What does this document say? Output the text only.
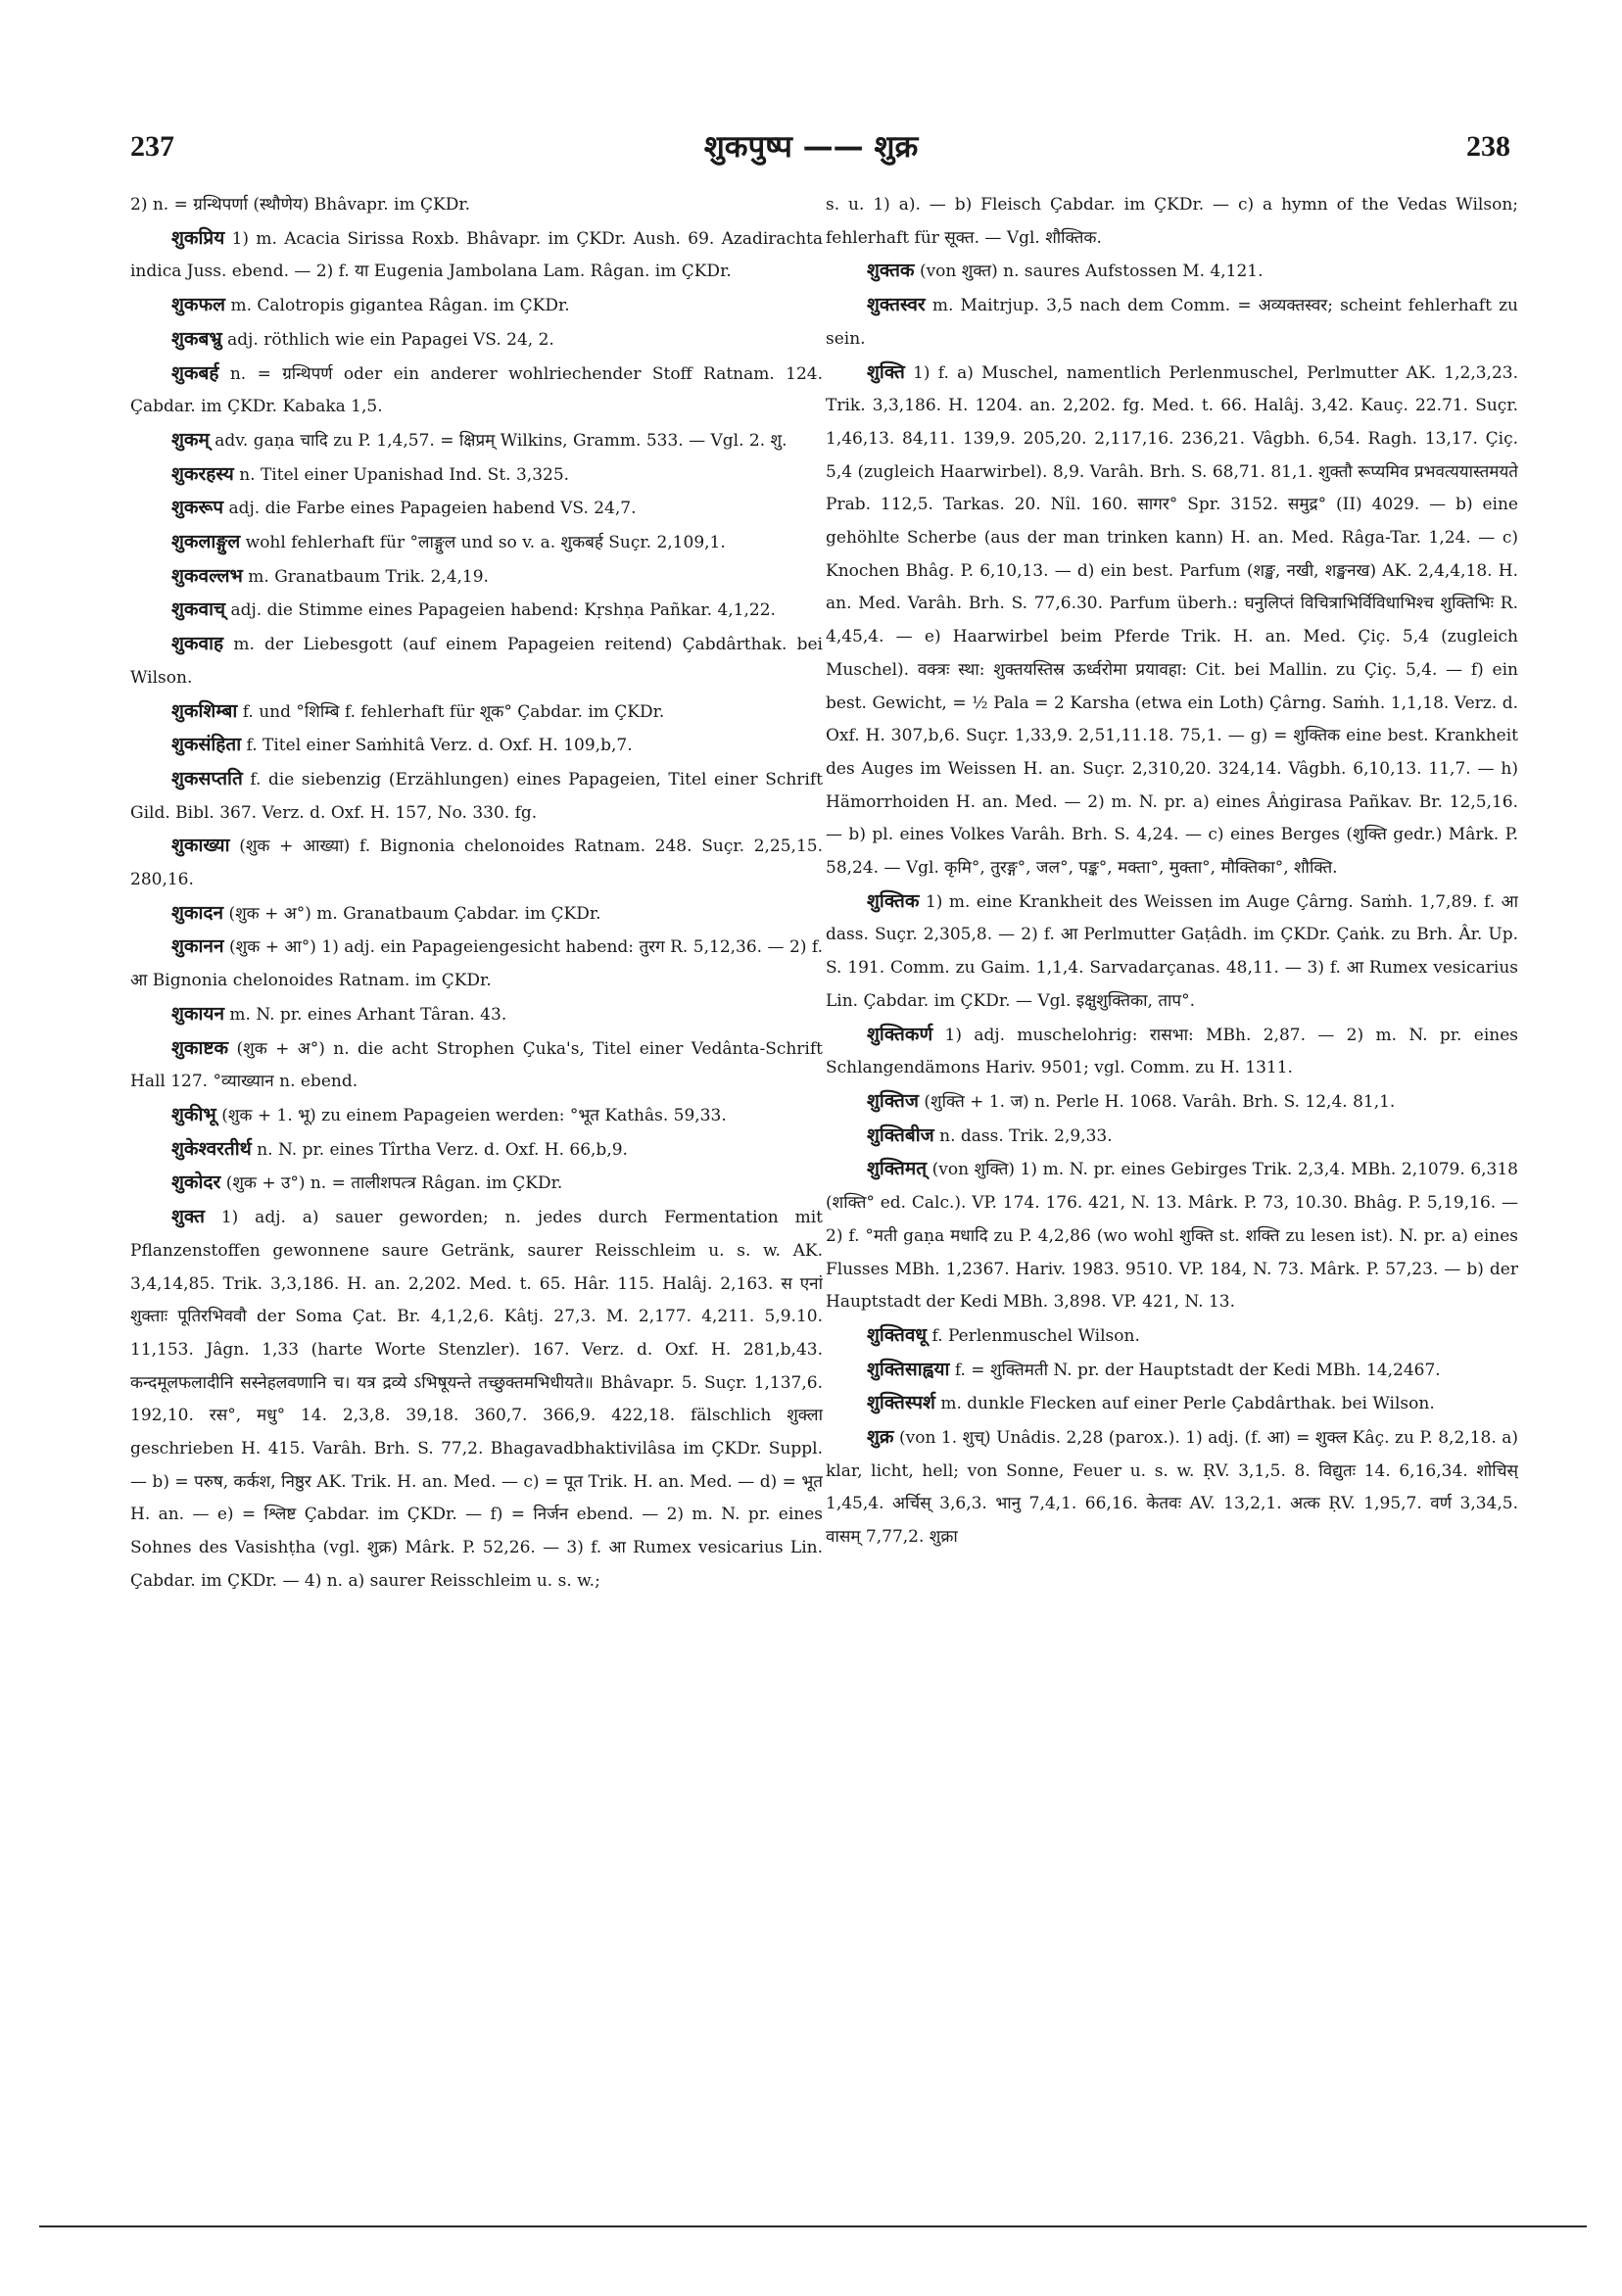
237	शुकपुष्प —— शुक्र	238

2) n. = ग्रन्थिपर्णा (स्थौणेय) Bhâvapr. im ÇKDr.

शुकप्रिय 1) m. Acacia Sirissa Roxb. Bhâvapr. im ÇKDr. Aush. 69. Azadirachta indica Juss. ebend. — 2) f. या Eugenia Jambolana Lam. Râgan. im ÇKDr.

शुकफल m. Calotropis gigantea Râgan. im ÇKDr.

शुकबभ्रु adj. röthlich wie ein Papagei VS. 24, 2.

शुकबर्ह n. = ग्रन्थिपर्ण oder ein anderer wohlriechender Stoff Ratnam. 124. Çabdar. im ÇKDr. Kabaka 1,5.

शुकम् adv. gaṇa चादि zu P. 1,4,57. = क्षिप्रम् Wilkins, Gramm. 533. — Vgl. 2. शु.

शुकरहस्य n. Titel einer Upanishad Ind. St. 3,325.

शुकरूप adj. die Farbe eines Papageien habend VS. 24,7.

शुकलाङ्गुल wohl fehlerhaft für °लाङ्गुल und so v. a. शुकबर्ह Suçr. 2,109,1.

शुकवल्लभ m. Granatbaum Trik. 2,4,19.

शुकवाच् adj. die Stimme eines Papageien habend: Kṛshṇa Pañkar. 4,1,22.

शुकवाह m. der Liebesgott (auf einem Papageien reitend) Çabdârthak. bei Wilson.

शुकशिम्बा f. und °शिम्बि f. fehlerhaft für शूक° Çabdar. im ÇKDr.

शुकसंहिता f. Titel einer Saṁhitâ Verz. d. Oxf. H. 109,b,7.

शुकसप्तति f. die siebenzig (Erzählungen) eines Papageien, Titel einer Schrift Gild. Bibl. 367. Verz. d. Oxf. H. 157, No. 330. fg.

शुकाख्या (शुक + आख्या) f. Bignonia chelonoides Ratnam. 248. Suçr. 2,25,15. 280,16.

शुकादन (शुक + अ°) m. Granatbaum Çabdar. im ÇKDr.

शुकानन (शुक + आ°) 1) adj. ein Papageiengesicht habend: तुरग R. 5,12,36. — 2) f. आ Bignonia chelonoides Ratnam. im ÇKDr.

शुकायन m. N. pr. eines Arhant Târan. 43.

शुकाष्टक (शुक + अ°) n. die acht Strophen Çuka's, Titel einer Vedânta-Schrift Hall 127. °व्याख्यान n. ebend.

शुकीभू (शुक + 1. भू) zu einem Papageien werden: °भूत Kathâs. 59,33.

शुकेश्वरतीर्थ n. N. pr. eines Tîrtha Verz. d. Oxf. H. 66,b,9.

शुकोदर (शुक + उ°) n. = तालीशपत्त्र Râgan. im ÇKDr.

शुक्त 1) adj. a) sauer geworden; n. jedes durch Fermentation mit Pflanzenstoffen gewonnene saure Getränk, saurer Reisschleim u. s. w. AK. 3,4,14,85. Trik. 3,3,186. H. an. 2,202. Med. t. 65. Hâr. 115. Halâj. 2,163. स एनां शुक्ताः पूतिरभिववौ der Soma Çat. Br. 4,1,2,6. Kâtj. 27,3. M. 2,177. 4,211. 5,9.10. 11,153. Jâgn. 1,33 (harte Worte Stenzler). 167. Verz. d. Oxf. H. 281,b,43. कन्दमूलफलादीनि सस्नेहलवणानि च। यत्र द्रव्ये ऽभिषूयन्ते तच्छुक्तमभिधीयते॥ Bhâvapr. 5. Suçr. 1,137,6. 192,10. रस°, मधु° 14. 2,3,8. 39,18. 360,7. 366,9. 422,18. fälschlich शुक्ला geschrieben H. 415. Varâh. Brh. S. 77,2. Bhagavadbhaktivilâsa im ÇKDr. Suppl. — b) = परुष, कर्कश, निष्ठुर AK. Trik. H. an. Med. — c) = पूत Trik. H. an. Med. — d) = भूत H. an. — e) = श्लिष्ट Çabdar. im ÇKDr. — f) = निर्जन ebend. — 2) m. N. pr. eines Sohnes des Vasishṭha (vgl. शुक्र) Mârk. P. 52,26. — 3) f. आ Rumex vesicarius Lin. Çabdar. im ÇKDr. — 4) n. a) saurer Reisschleim u. s. w.;

s. u. 1) a). — b) Fleisch Çabdar. im ÇKDr. — c) a hymn of the Vedas Wilson; fehlerhaft für सूक्त. — Vgl. शौक्तिक.

शुक्तक (von शुक्त) n. saures Aufstossen M. 4,121.

शुक्तस्वर m. Maitrjup. 3,5 nach dem Comm. = अव्यक्तस्वर; scheint fehlerhaft zu sein.

शुक्ति 1) f. a) Muschel, namentlich Perlenmuschel, Perlmutter AK. 1,2,3,23. Trik. 3,3,186. H. 1204. an. 2,202. fg. Med. t. 66. Halâj. 3,42. Kauç. 22.71. Suçr. 1,46,13. 84,11. 139,9. 205,20. 2,117,16. 236,21. Vâgbh. 6,54. Ragh. 13,17. Çiç. 5,4 (zugleich Haarwirbel). 8,9. Varâh. Brh. S. 68,71. 81,1. शुक्तौ रूप्यमिव प्रभवत्ययास्तमयते Prab. 112,5. Tarkas. 20. Nîl. 160. सागर° Spr. 3152. समुद्र° (II) 4029. — b) eine gehöhlte Scherbe (aus der man trinken kann) H. an. Med. Râga-Tar. 1,24. — c) Knochen Bhâg. P. 6,10,13. — d) ein best. Parfum (शङ्ख, नखी, शङ्खनख) AK. 2,4,4,18. H. an. Med. Varâh. Brh. S. 77,6.30. Parfum überh.: घनुलिप्तं विचित्राभिर्विविधाभिश्च शुक्तिभिः R. 4,45,4. — e) Haarwirbel beim Pferde Trik. H. an. Med. Çiç. 5,4 (zugleich Muschel). वक्त्रः स्था: शुक्तयस्तिस्र ऊर्ध्वरोमा प्रयावहा: Cit. bei Mallin. zu Çiç. 5,4. — f) ein best. Gewicht, = ½ Pala = 2 Karsha (etwa ein Loth) Çârng. Saṁh. 1,1,18. Verz. d. Oxf. H. 307,b,6. Suçr. 1,33,9. 2,51,11.18. 75,1. — g) = शुक्तिक eine best. Krankheit des Auges im Weissen H. an. Suçr. 2,310,20. 324,14. Vâgbh. 6,10,13. 11,7. — h) Hämorrhoiden H. an. Med. — 2) m. N. pr. a) eines Âṅgirasa Pañkav. Br. 12,5,16. — b) pl. eines Volkes Varâh. Brh. S. 4,24. — c) eines Berges (शुक्ति gedr.) Mârk. P. 58,24. — Vgl. कृमि°, तुरङ्ग°, जल°, पङ्क°, मक्ता°, मुक्ता°, मौक्तिका°, शौक्ति.

शुक्तिक 1) m. eine Krankheit des Weissen im Auge Çârng. Saṁh. 1,7,89. f. आ dass. Suçr. 2,305,8. — 2) f. आ Perlmutter Gaṭâdh. im ÇKDr. Çaṅk. zu Brh. Âr. Up. S. 191. Comm. zu Gaim. 1,1,4. Sarvadarçanas. 48,11. — 3) f. आ Rumex vesicarius Lin. Çabdar. im ÇKDr. — Vgl. इक्षुशुक्तिका, ताप°.

शुक्तिकर्ण 1) adj. muschelohrig: रासभा: MBh. 2,87. — 2) m. N. pr. eines Schlangendämons Hariv. 9501; vgl. Comm. zu H. 1311.

शुक्तिज (शुक्ति + 1. ज) n. Perle H. 1068. Varâh. Brh. S. 12,4. 81,1.

शुक्तिबीज n. dass. Trik. 2,9,33.

शुक्तिमत् (von शुक्ति) 1) m. N. pr. eines Gebirges Trik. 2,3,4. MBh. 2,1079. 6,318 (शक्ति° ed. Calc.). VP. 174. 176. 421, N. 13. Mârk. P. 73, 10.30. Bhâg. P. 5,19,16. — 2) f. °मती gaṇa मधादि zu P. 4,2,86 (wo wohl शुक्ति st. शक्ति zu lesen ist). N. pr. a) eines Flusses MBh. 1,2367. Hariv. 1983. 9510. VP. 184, N. 73. Mârk. P. 57,23. — b) der Hauptstadt der Kedi MBh. 3,898. VP. 421, N. 13.

शुक्तिवधू f. Perlenmuschel Wilson.

शुक्तिसाह्वया f. = शुक्तिमती N. pr. der Hauptstadt der Kedi MBh. 14,2467.

शुक्तिस्पर्श m. dunkle Flecken auf einer Perle Çabdârthak. bei Wilson.

शुक्र (von 1. शुच्) Unâdis. 2,28 (parox.). 1) adj. (f. आ) = शुक्ल Kâç. zu P. 8,2,18. a) klar, licht, hell; von Sonne, Feuer u. s. w. ṚV. 3,1,5. 8. विद्युतः 14. 6,16,34. शोचिस् 1,45,4. अर्चिस् 3,6,3. भानु 7,4,1. 66,16. केतवः AV. 13,2,1. अत्क ṚV. 1,95,7. वर्ण 3,34,5. वासम् 7,77,2. शुक्रा
